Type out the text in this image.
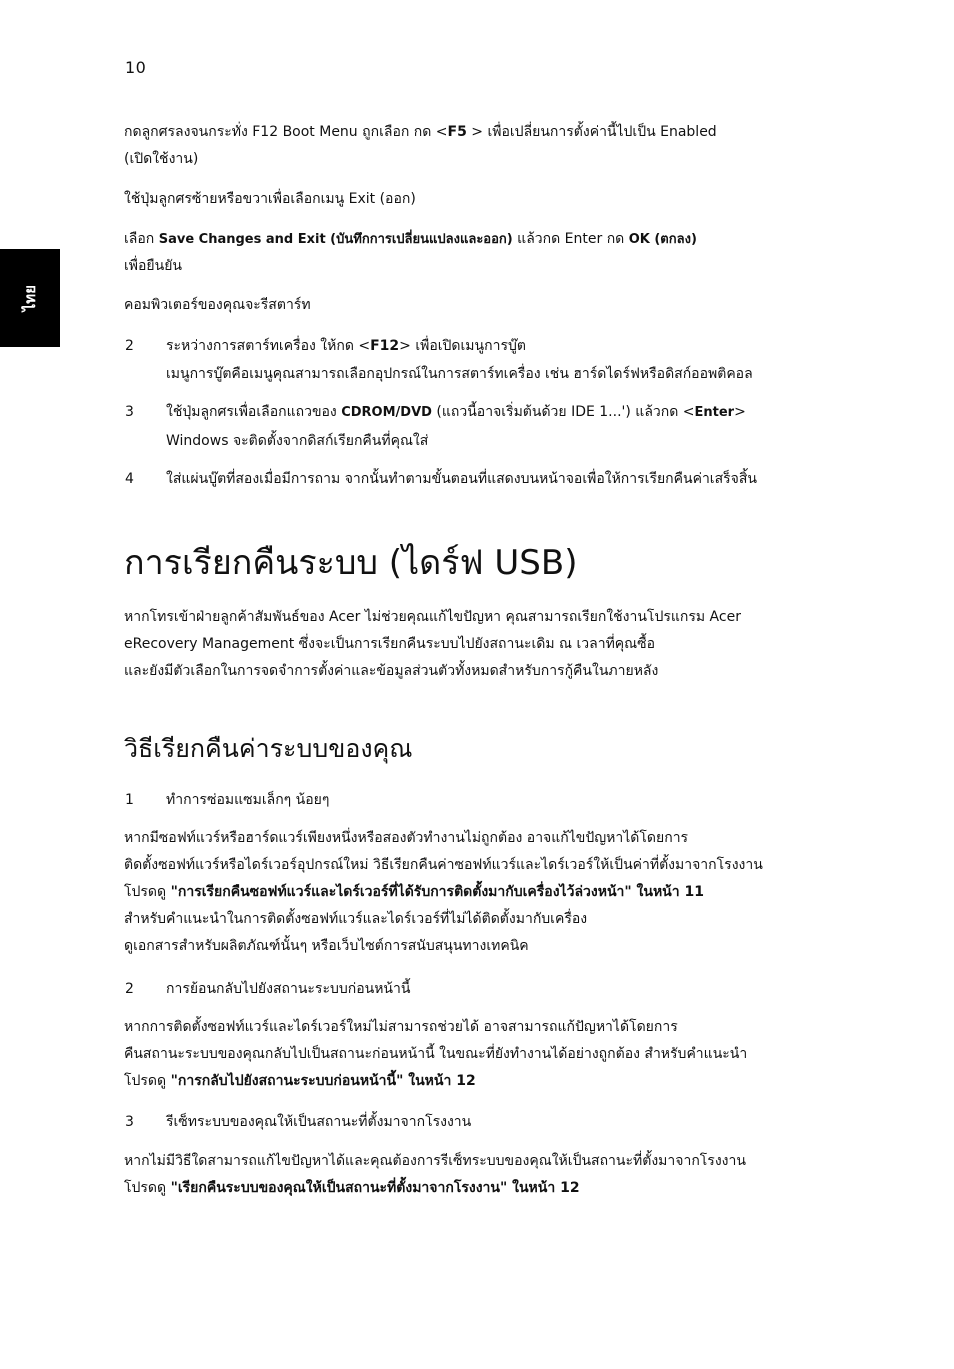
10
ไทย

กดลูกศรลงจนกระทั่ง F12 Boot Menu ถูกเลือก กด <F5 > เพื่อเปลี่ยนการตั้งค่านี้ไปเป็น Enabled
(เปิดใช้งาน)

ใช้ปุ่มลูกศรซ้ายหรือขวาเพื่อเลือกเมนู Exit (ออก)

เลือก Save Changes and Exit (บันทึกการเปลี่ยนแปลงและออก) แล้วกด Enter กด OK (ตกลง)
เพื่อยืนยัน

คอมพิวเตอร์ของคุณจะรีสตาร์ท

2	ระหว่างการสตาร์ทเครื่อง ให้กด <F12> เพื่อเปิดเมนูการบู๊ต
เมนูการบู๊ตคือเมนูคุณสามารถเลือกอุปกรณ์ในการสตาร์ทเครื่อง เช่น ฮาร์ดไดร์ฟหรือดิสก์ออพติคอล
3	ใช้ปุ่มลูกศรเพื่อเลือกแถวของ CDROM/DVD (แถวนี้อาจเริ่มต้นด้วย IDE 1...') แล้วกด <Enter>
Windows จะติดตั้งจากดิสก์เรียกคืนที่คุณใส่
4	ใส่แผ่นบู๊ตที่สองเมื่อมีการถาม จากนั้นทำตามขั้นตอนที่แสดงบนหน้าจอเพื่อให้การเรียกคืนค่าเสร็จสิ้น
การเรียกคืนระบบ (ไดร์ฟ USB)

หากโทรเข้าฝ่ายลูกค้าสัมพันธ์ของ Acer ไม่ช่วยคุณแก้ไขปัญหา คุณสามารถเรียกใช้งานโปรแกรม Acer
eRecovery Management ซึ่งจะเป็นการเรียกคืนระบบไปยังสถานะเดิม ณ เวลาที่คุณซื้อ
และยังมีตัวเลือกในการจดจำการตั้งค่าและข้อมูลส่วนตัวทั้งหมดสำหรับการกู้คืนในภายหลัง

วิธีเรียกคืนค่าระบบของคุณ
1	ทำการซ่อมแซมเล็กๆ น้อยๆ

หากมีซอฟท์แวร์หรือฮาร์ดแวร์เพียงหนึ่งหรือสองตัวทำงานไม่ถูกต้อง อาจแก้ไขปัญหาได้โดยการ
ติดตั้งซอฟท์แวร์หรือไดร์เวอร์อุปกรณ์ใหม่ วิธีเรียกคืนค่าซอฟท์แวร์และไดร์เวอร์ให้เป็นค่าที่ตั้งมาจากโรงงาน
โปรดดู "การเรียกคืนซอฟท์แวร์และไดร์เวอร์ที่ได้รับการติดตั้งมากับเครื่องไว้ล่วงหน้า" ในหน้า 11
สำหรับคำแนะนำในการติดตั้งซอฟท์แวร์และไดร์เวอร์ที่ไม่ได้ติดตั้งมากับเครื่อง
ดูเอกสารสำหรับผลิตภัณฑ์นั้นๆ หรือเว็บไซต์การสนับสนุนทางเทคนิค

2	การย้อนกลับไปยังสถานะระบบก่อนหน้านี้

หากการติดตั้งซอฟท์แวร์และไดร์เวอร์ใหม่ไม่สามารถช่วยได้ อาจสามารถแก้ปัญหาได้โดยการ
คืนสถานะระบบของคุณกลับไปเป็นสถานะก่อนหน้านี้ ในขณะที่ยังทำงานได้อย่างถูกต้อง สำหรับคำแนะนำ
โปรดดู "การกลับไปยังสถานะระบบก่อนหน้านี้" ในหน้า 12

3	รีเซ็ทระบบของคุณให้เป็นสถานะที่ตั้งมาจากโรงงาน

หากไม่มีวิธีใดสามารถแก้ไขปัญหาได้และคุณต้องการรีเซ็ทระบบของคุณให้เป็นสถานะที่ตั้งมาจากโรงงาน
โปรดดู "เรียกคืนระบบของคุณให้เป็นสถานะที่ตั้งมาจากโรงงาน" ในหน้า 12
